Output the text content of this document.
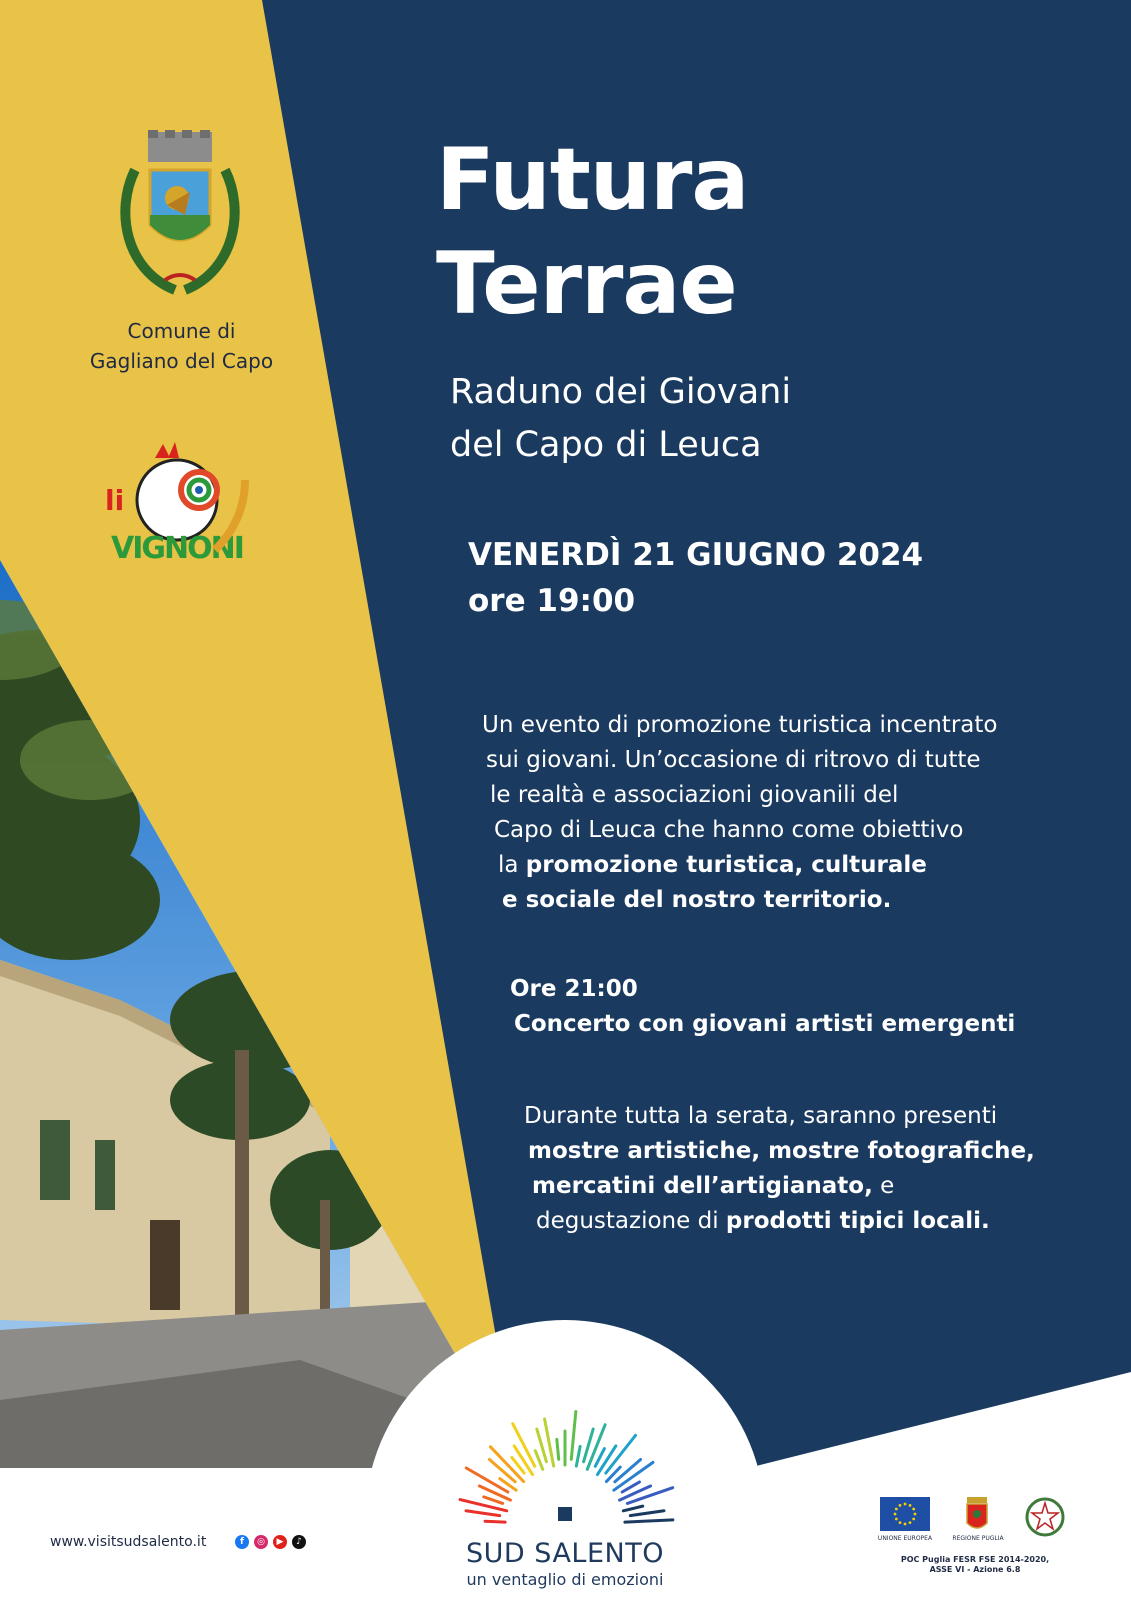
Comune di
Gagliano del Capo
li
VIGNONI
Futura
Terrae
Raduno dei Giovani
del Capo di Leuca
VENERDÌ 21 GIUGNO 2024
ore 19:00
Un evento di promozione turistica incentrato
sui giovani. Un’occasione di ritrovo di tutte
le realtà e associazioni giovanili del
Capo di Leuca che hanno come obiettivo
la promozione turistica, culturale
e sociale del nostro territorio.
Ore 21:00
Concerto con giovani artisti emergenti
Durante tutta la serata, saranno presenti
mostre artistiche, mostre fotografiche,
mercatini dell’artigianato, e
degustazione di prodotti tipici locali.
www.visitsudsalento.it	f	◎	▶	♪	SUD SALENTO
un ventaglio di emozioni
UNIONE EUROPEA	REGIONE PUGLIA
POC Puglia FESR FSE 2014-2020,
ASSE VI - Azione 6.8
